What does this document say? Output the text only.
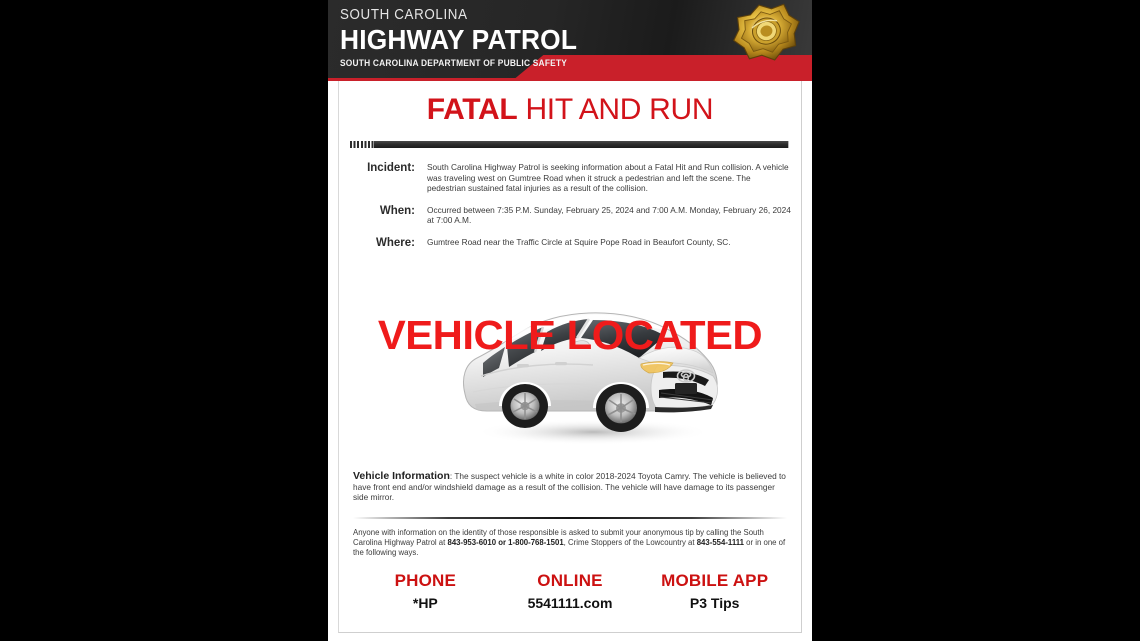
SOUTH CAROLINA
HIGHWAY PATROL
SOUTH CAROLINA DEPARTMENT OF PUBLIC SAFETY
FATAL HIT AND RUN
Incident: South Carolina Highway Patrol is seeking information about a Fatal Hit and Run collision. A vehicle was traveling west on Gumtree Road when it struck a pedestrian and left the scene. The pedestrian sustained fatal injuries as a result of the collision.
When: Occurred between 7:35 P.M. Sunday, February 25, 2024 and 7:00 A.M. Monday, February 26, 2024 at 7:00 A.M.
Where: Gumtree Road near the Traffic Circle at Squire Pope Road in Beaufort County, SC.
VEHICLE LOCATED
Vehicle Information: The suspect vehicle is a white in color 2018-2024 Toyota Camry. The vehicle is believed to have front end and/or windshield damage as a result of the collision. The vehicle will have damage to its passenger side mirror.
Anyone with information on the identity of those responsible is asked to submit your anonymous tip by calling the South Carolina Highway Patrol at 843-953-6010 or 1-800-768-1501, Crime Stoppers of the Lowcountry at 843-554-1111 or in one of the following ways.
PHONE
*HP
ONLINE
5541111.com
MOBILE APP
P3 Tips
